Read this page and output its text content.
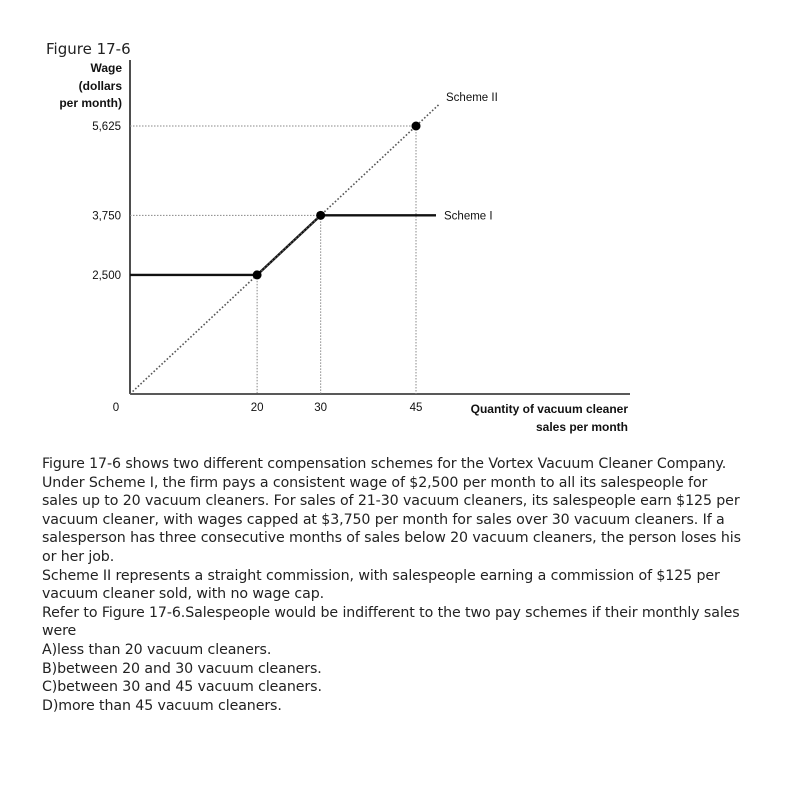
Figure 17-6
Wage
(dollars
per month)
2,500
3,750
5,625
20	30	45
0
Scheme I
Scheme II
Quantity of vacuum cleaner
sales per month

Figure 17-6 shows two different compensation schemes for the Vortex Vacuum Cleaner Company.

Under Scheme I, the firm pays a consistent wage of $2,500 per month to all its salespeople for sales up to 20 vacuum cleaners. For sales of 21-30 vacuum cleaners, its salespeople earn $125 per vacuum cleaner, with wages capped at $3,750 per month for sales over 30 vacuum cleaners. If a salesperson has three consecutive months of sales below 20 vacuum cleaners, the person loses his or her job.

Scheme II represents a straight commission, with salespeople earning a commission of $125 per vacuum cleaner sold, with no wage cap.

Refer to Figure 17-6.Salespeople would be indifferent to the two pay schemes if their monthly sales were

A)less than 20 vacuum cleaners.

B)between 20 and 30 vacuum cleaners.

C)between 30 and 45 vacuum cleaners.

D)more than 45 vacuum cleaners.
